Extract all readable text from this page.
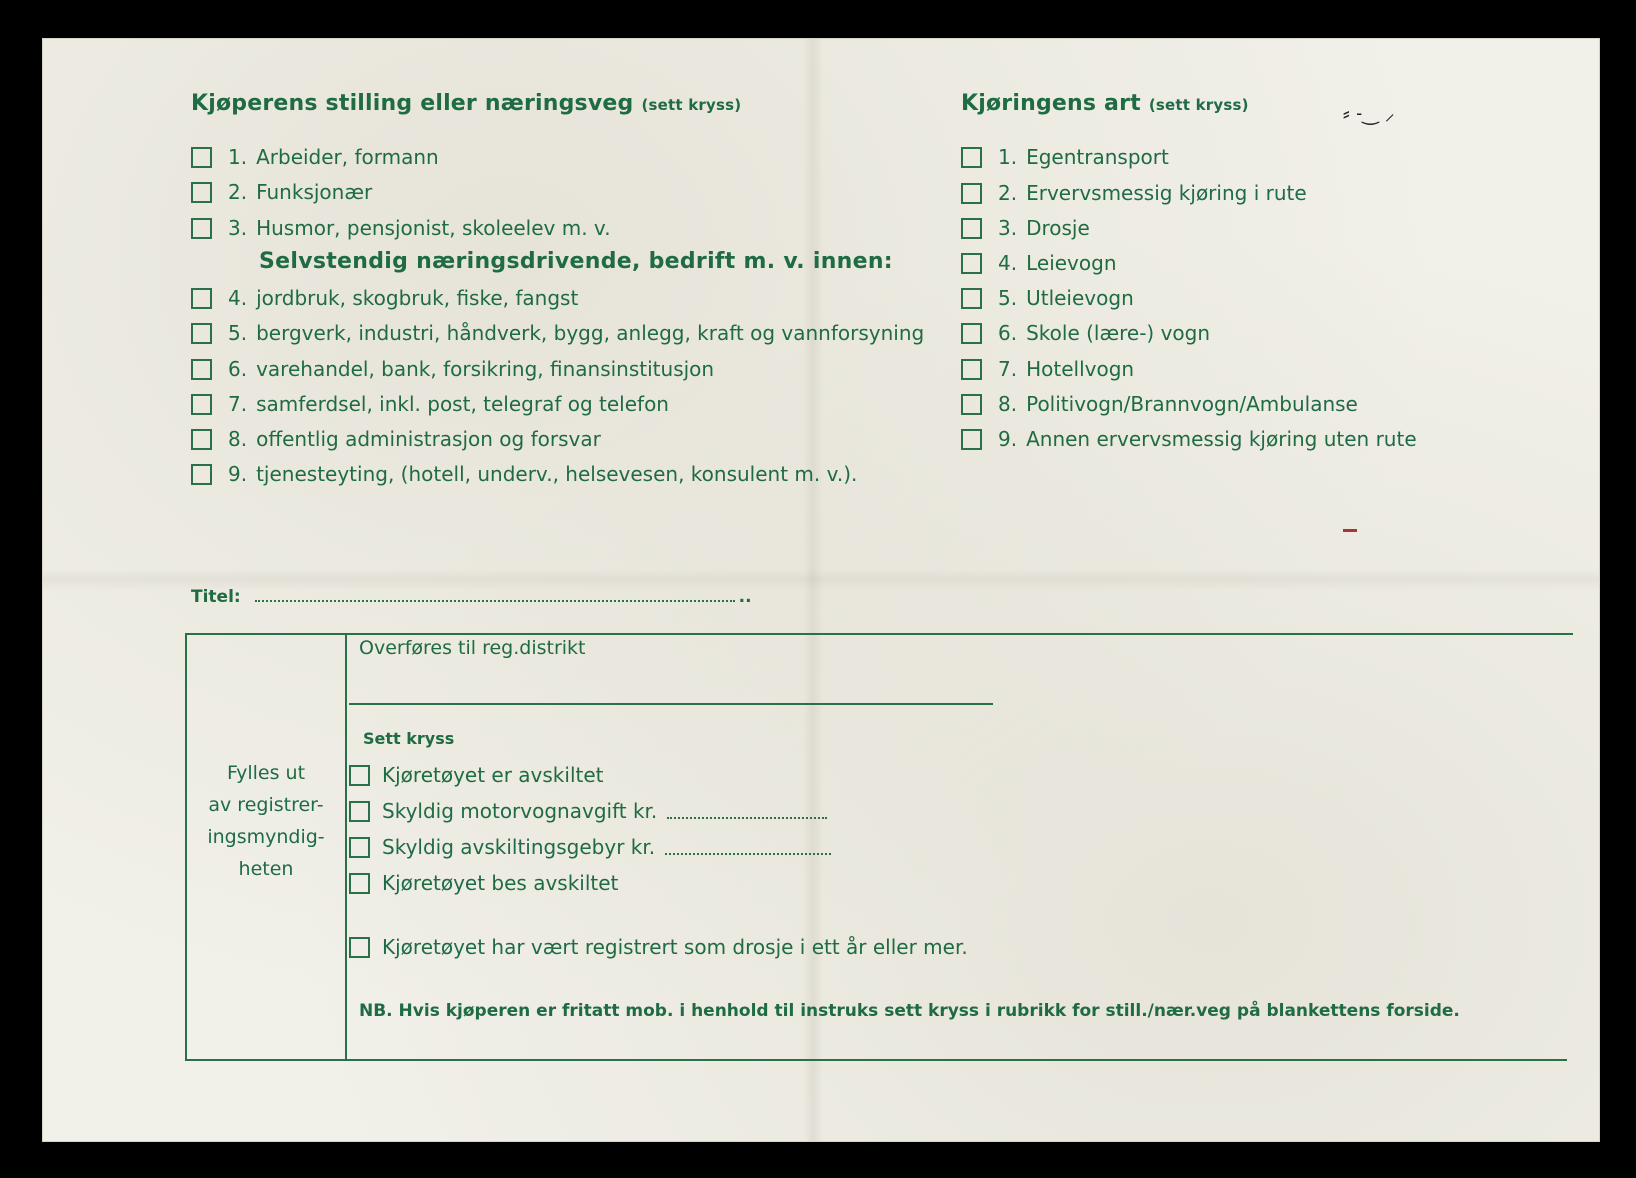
Kjøperens stilling eller næringsveg (sett kryss)	Kjøringens art (sett kryss)
1. Arbeider, formann
2. Funksjonær
3. Husmor, pensjonist, skoleelev m. v.
Selvstendig næringsdrivende, bedrift m. v. innen:
4. jordbruk, skogbruk, fiske, fangst
5. bergverk, industri, håndverk, bygg, anlegg, kraft og vannforsyning
6. varehandel, bank, forsikring, finansinstitusjon
7. samferdsel, inkl. post, telegraf og telefon
8. offentlig administrasjon og forsvar
9. tjenesteyting, (hotell, underv., helsevesen, konsulent m. v.).
1. Egentransport
2. Ervervsmessig kjøring i rute
3. Drosje
4. Leievogn
5. Utleievogn
6. Skole (lære-) vogn
7. Hotellvogn
8. Politivogn/Brannvogn/Ambulanse
9. Annen ervervsmessig kjøring uten rute
Titel:	..
Fylles ut
av registrer-
ingsmyndig-
heten
Overføres til reg.distrikt
Sett kryss
Kjøretøyet er avskiltet
Skyldig motorvognavgift kr.
Skyldig avskiltingsgebyr kr.
Kjøretøyet bes avskiltet
Kjøretøyet har vært registrert som drosje i ett år eller mer.
NB. Hvis kjøperen er fritatt mob. i henhold til instruks sett kryss i rubrikk for still./nær.veg på blankettens forside.
⸗ ˗‿ ⸝
